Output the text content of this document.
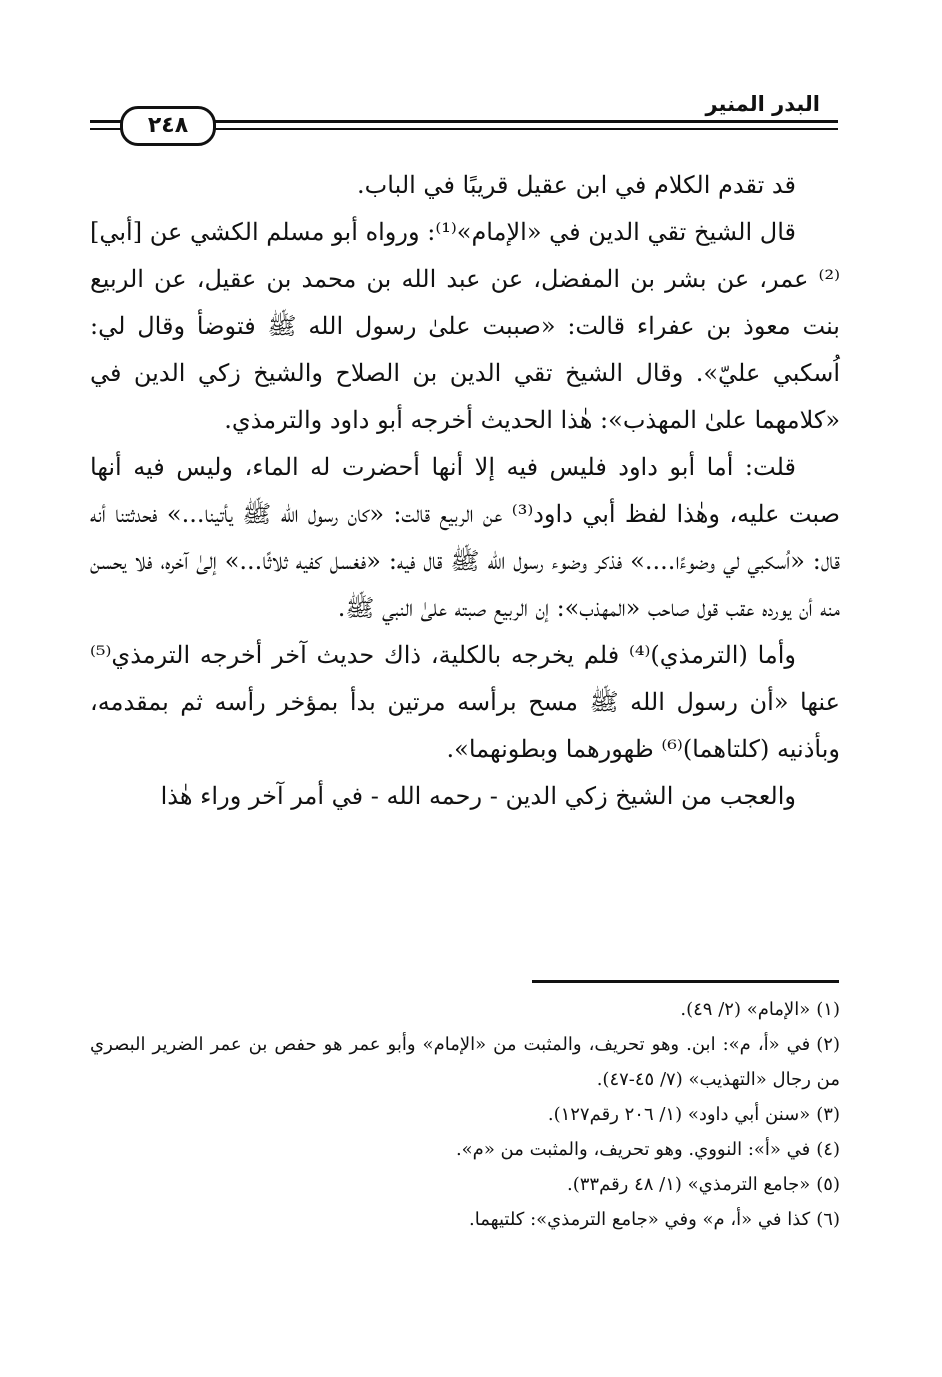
البدر المنير
٢٤٨

قد تقدم الكلام في ابن عقيل قريبًا في الباب.

قال الشيخ تقي الدين في «الإمام»⁽¹⁾: ورواه أبو مسلم الكشي عن [أبي]⁽²⁾ عمر، عن بشر بن المفضل، عن عبد الله بن محمد بن عقيل، عن الربيع بنت معوذ بن عفراء قالت: «صببت علىٰ رسول الله ﷺ فتوضأ وقال لي: اُسكبي عليّ». وقال الشيخ تقي الدين بن الصلاح والشيخ زكي الدين في «كلامهما علىٰ المهذب»: هٰذا الحديث أخرجه أبو داود والترمذي.

قلت: أما أبو داود فليس فيه إلا أنها أحضرت له الماء، وليس فيه أنها صبت عليه، وهٰذا لفظ أبي داود⁽³⁾ عن الربيع قالت: «كان رسول الله ﷺ يأتينا...» فحدثتنا أنه قال: «اُسكبي لي وضوءًا....» فذكر وضوء رسول الله ﷺ قال فيه: «فغسل كفيه ثلاثًا...» إلىٰ آخره، فلا يحسن منه أن يورده عقب قول صاحب «المهذب»: إن الربيع صبته علىٰ النبي ﷺ.

وأما (الترمذي)⁽⁴⁾ فلم يخرجه بالكلية، ذاك حديث آخر أخرجه الترمذي⁽⁵⁾ عنها «أن رسول الله ﷺ مسح برأسه مرتين بدأ بمؤخر رأسه ثم بمقدمه، وبأذنيه (كلتاهما)⁽⁶⁾ ظهورهما وبطونهما».

والعجب من الشيخ زكي الدين - رحمه الله - في أمر آخر وراء هٰذا

(١)«الإمام» (٢/ ٤٩).

(٢)في «أ، م»: ابن. وهو تحريف، والمثبت من «الإمام» وأبو عمر هو حفص بن عمر الضرير البصري من رجال «التهذيب» (٧/ ٤٥-٤٧).

(٣)«سنن أبي داود» (١/ ٢٠٦ رقم١٢٧).

(٤)في «أ»: النووي. وهو تحريف، والمثبت من «م».

(٥)«جامع الترمذي» (١/ ٤٨ رقم٣٣).

(٦)كذا في «أ، م» وفي «جامع الترمذي»: كلتيهما.
